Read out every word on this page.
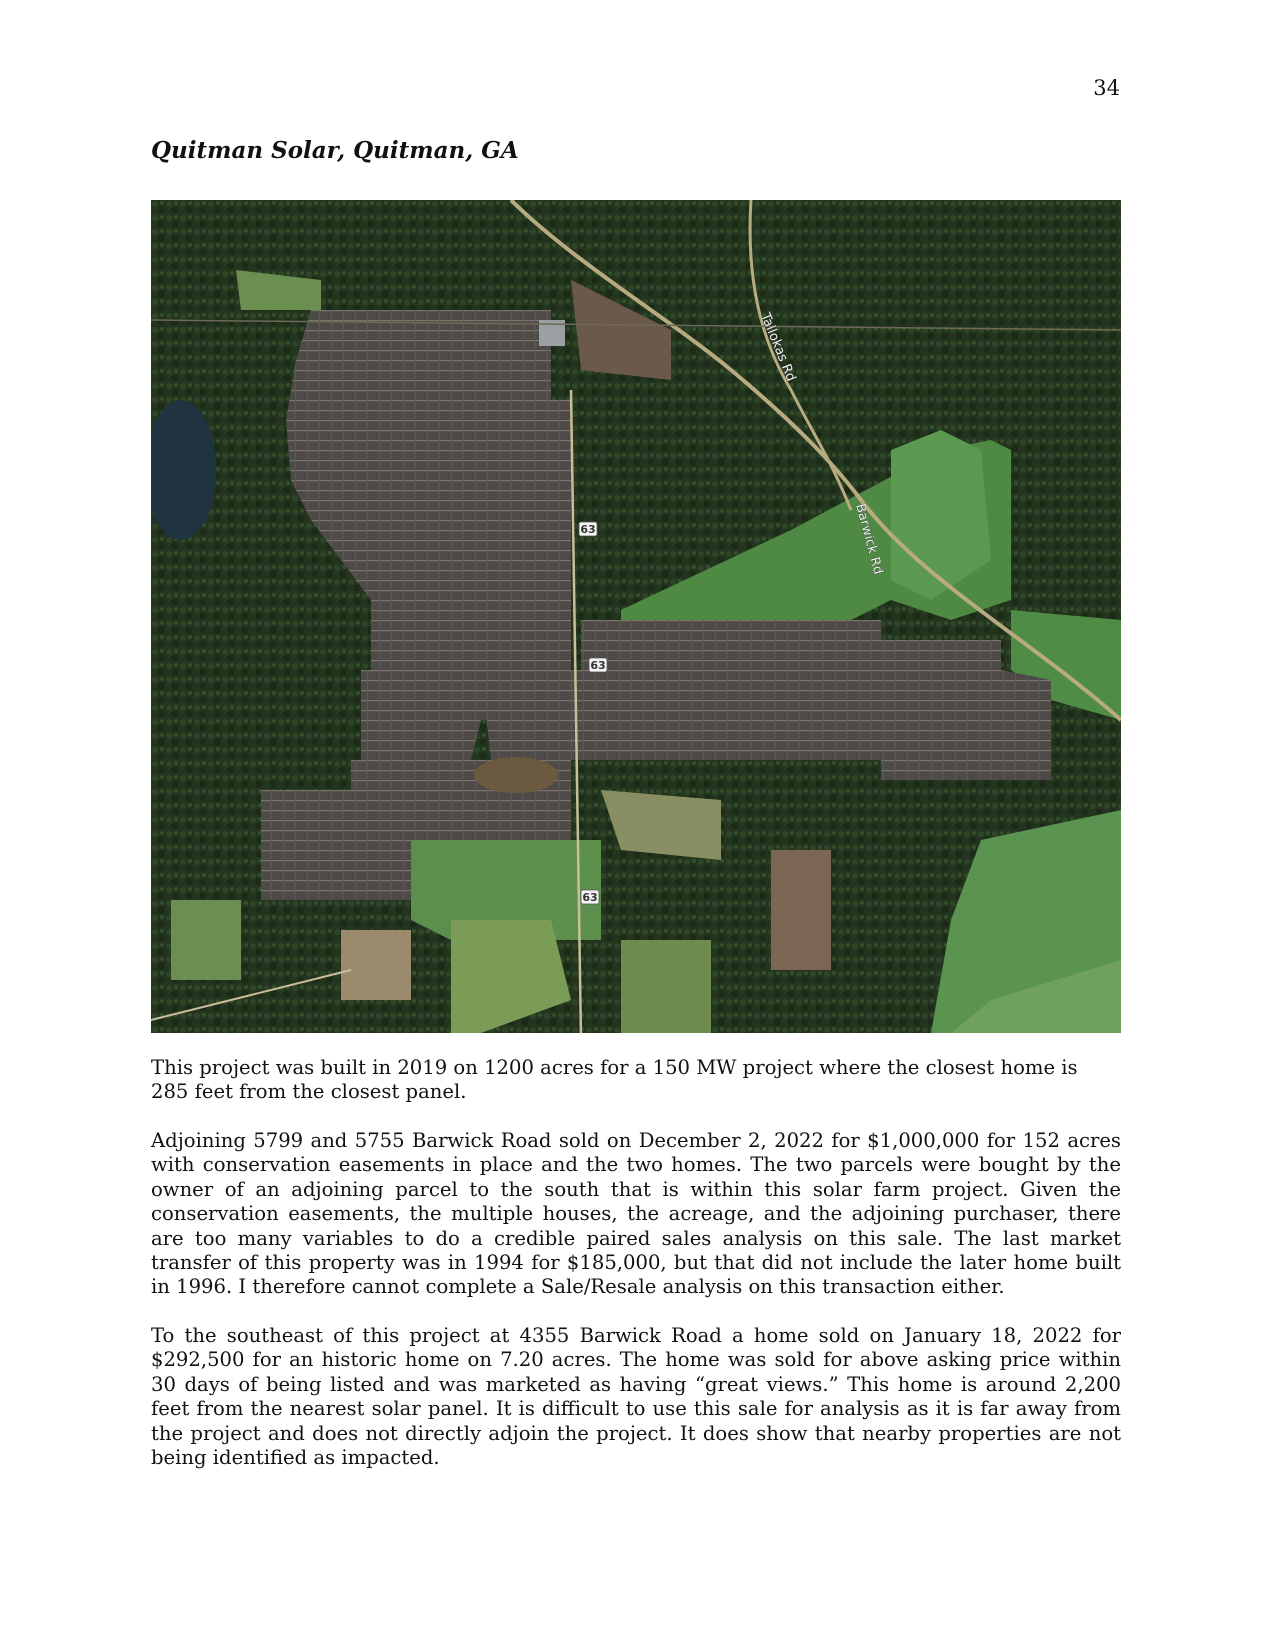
34
Quitman Solar, Quitman, GA
Tallokas Rd
Barwick Rd
63
63
63

This project was built in 2019 on 1200 acres for a 150 MW project where the closest home is 285 feet from the closest panel.

Adjoining 5799 and 5755 Barwick Road sold on December 2, 2022 for $1,000,000 for 152 acres with conservation easements in place and the two homes. The two parcels were bought by the owner of an adjoining parcel to the south that is within this solar farm project. Given the conservation easements, the multiple houses, the acreage, and the adjoining purchaser, there are too many variables to do a credible paired sales analysis on this sale. The last market transfer of this property was in 1994 for $185,000, but that did not include the later home built in 1996. I therefore cannot complete a Sale/Resale analysis on this transaction either.

To the southeast of this project at 4355 Barwick Road a home sold on January 18, 2022 for $292,500 for an historic home on 7.20 acres. The home was sold for above asking price within 30 days of being listed and was marketed as having “great views.” This home is around 2,200 feet from the nearest solar panel. It is difficult to use this sale for analysis as it is far away from the project and does not directly adjoin the project. It does show that nearby properties are not being identified as impacted.
